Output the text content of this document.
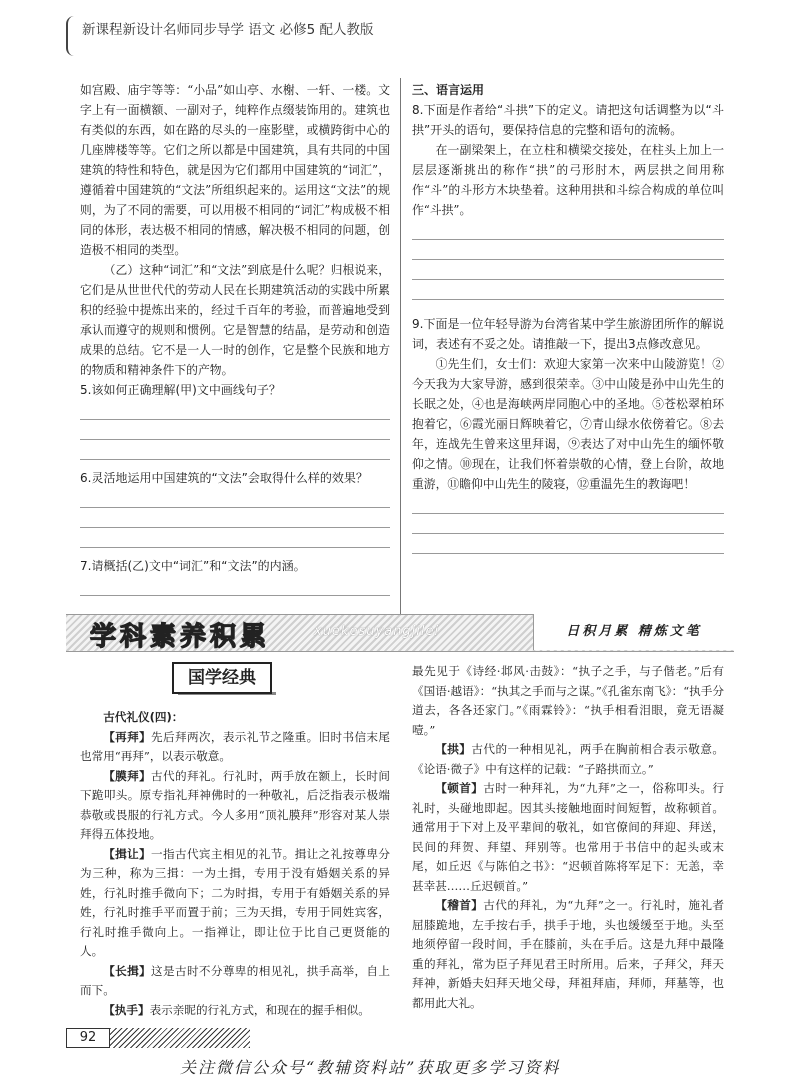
新课程新设计名师同步导学 语文 必修5 配人教版

如宫殿、庙宇等等：“小品”如山亭、水榭、一轩、一楼。文字上有一面横额、一副对子，纯粹作点缀装饰用的。建筑也有类似的东西，如在路的尽头的一座影壁，或横跨街中心的几座牌楼等等。它们之所以都是中国建筑，具有共同的中国建筑的特性和特色，就是因为它们都用中国建筑的“词汇”，遵循着中国建筑的“文法”所组织起来的。运用这“文法”的规则，为了不同的需要，可以用极不相同的“词汇”构成极不相同的体形，表达极不相同的情感，解决极不相同的问题，创造极不相同的类型。

（乙）这种“词汇”和“文法”到底是什么呢？归根说来，它们是从世世代代的劳动人民在长期建筑活动的实践中所累积的经验中提炼出来的，经过千百年的考验，而普遍地受到承认而遵守的规则和惯例。它是智慧的结晶，是劳动和创造成果的总结。它不是一人一时的创作，它是整个民族和地方的物质和精神条件下的产物。

5.该如何正确理解(甲)文中画线句子？
6.灵活地运用中国建筑的“文法”会取得什么样的效果？
7.请概括(乙)文中“词汇”和“文法”的内涵。
三、语言运用
8.下面是作者给“斗拱”下的定义。请把这句话调整为以“斗拱”开头的语句，要保持信息的完整和语句的流畅。

在一副梁架上，在立柱和横梁交接处，在柱头上加上一层层逐渐挑出的称作“拱”的弓形肘木，两层拱之间用称作“斗”的斗形方木块垫着。这种用拱和斗综合构成的单位叫作“斗拱”。

9.下面是一位年轻导游为台湾省某中学生旅游团所作的解说词，表述有不妥之处。请推敲一下，提出3点修改意见。

①先生们，女士们：欢迎大家第一次来中山陵游览！②今天我为大家导游，感到很荣幸。③中山陵是孙中山先生的长眠之处，④也是海峡两岸同胞心中的圣地。⑤苍松翠柏环抱着它，⑥霞光丽日辉映着它，⑦青山绿水依傍着它。⑧去年，连战先生曾来这里拜谒，⑨表达了对中山先生的缅怀敬仰之情。⑩现在，让我们怀着崇敬的心情，登上台阶，故地重游，⑪瞻仰中山先生的陵寝，⑫重温先生的教诲吧！

学科素养积累	xuekesuyangjilei	日积月累 精炼文笔
国学经典
古代礼仪(四)：

【再拜】先后拜两次，表示礼节之隆重。旧时书信末尾也常用“再拜”，以表示敬意。

【膜拜】古代的拜礼。行礼时，两手放在额上，长时间下跪叩头。原专指礼拜神佛时的一种敬礼，后泛指表示极端恭敬或畏服的行礼方式。今人多用“顶礼膜拜”形容对某人崇拜得五体投地。

【揖让】一指古代宾主相见的礼节。揖让之礼按尊卑分为三种，称为三揖：一为土揖，专用于没有婚姻关系的异姓，行礼时推手微向下；二为时揖，专用于有婚姻关系的异姓，行礼时推手平而置于前；三为天揖，专用于同姓宾客，行礼时推手微向上。一指禅让，即让位于比自己更贤能的人。

【长揖】这是古时不分尊卑的相见礼，拱手高举，自上而下。

【执手】表示亲昵的行礼方式，和现在的握手相似。

最先见于《诗经·邶风·击鼓》：“执子之手，与子偕老。”后有《国语·越语》：“执其之手而与之谋。”《孔雀东南飞》：“执手分道去，各各还家门。”《雨霖铃》：“执手相看泪眼，竟无语凝噎。”

【拱】古代的一种相见礼，两手在胸前相合表示敬意。《论语·微子》中有这样的记载：“子路拱而立。”

【顿首】古时一种拜礼，为“九拜”之一，俗称叩头。行礼时，头碰地即起。因其头接触地面时间短暂，故称顿首。通常用于下对上及平辈间的敬礼，如官僚间的拜迎、拜送，民间的拜贺、拜望、拜别等。也常用于书信中的起头或末尾，如丘迟《与陈伯之书》：“迟顿首陈将军足下：无恙，幸甚幸甚……丘迟顿首。”

【稽首】古代的拜礼，为“九拜”之一。行礼时，施礼者屈膝跪地，左手按右手，拱手于地，头也缓缓至于地。头至地须停留一段时间，手在膝前，头在手后。这是九拜中最隆重的拜礼，常为臣子拜见君王时所用。后来，子拜父，拜天拜神，新婚夫妇拜天地父母，拜祖拜庙，拜师，拜墓等，也都用此大礼。

92
关注微信公众号“教辅资料站”获取更多学习资料
